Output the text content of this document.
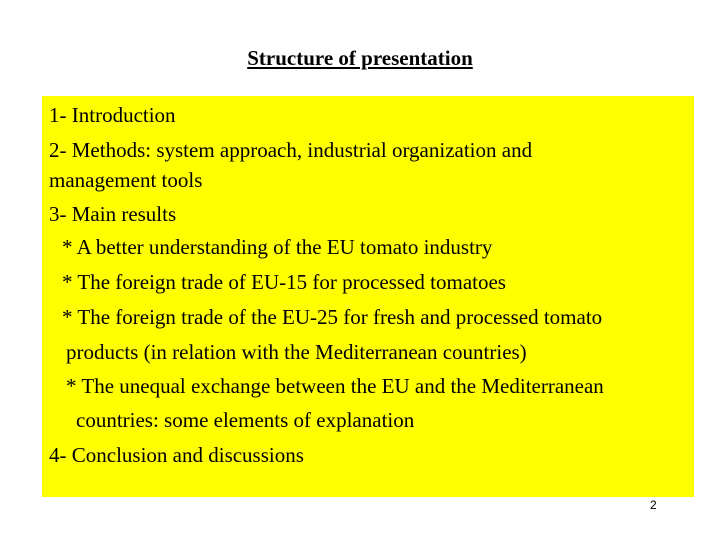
Structure of presentation
1- Introduction
2- Methods: system approach, industrial organization and
management tools
3- Main results
* A better understanding of the EU tomato industry
* The foreign trade of EU-15 for processed tomatoes
* The foreign trade of the EU-25 for fresh and processed tomato
products (in relation with the Mediterranean countries)
* The unequal exchange between the EU and the Mediterranean
countries: some elements of explanation
4- Conclusion and discussions
2
